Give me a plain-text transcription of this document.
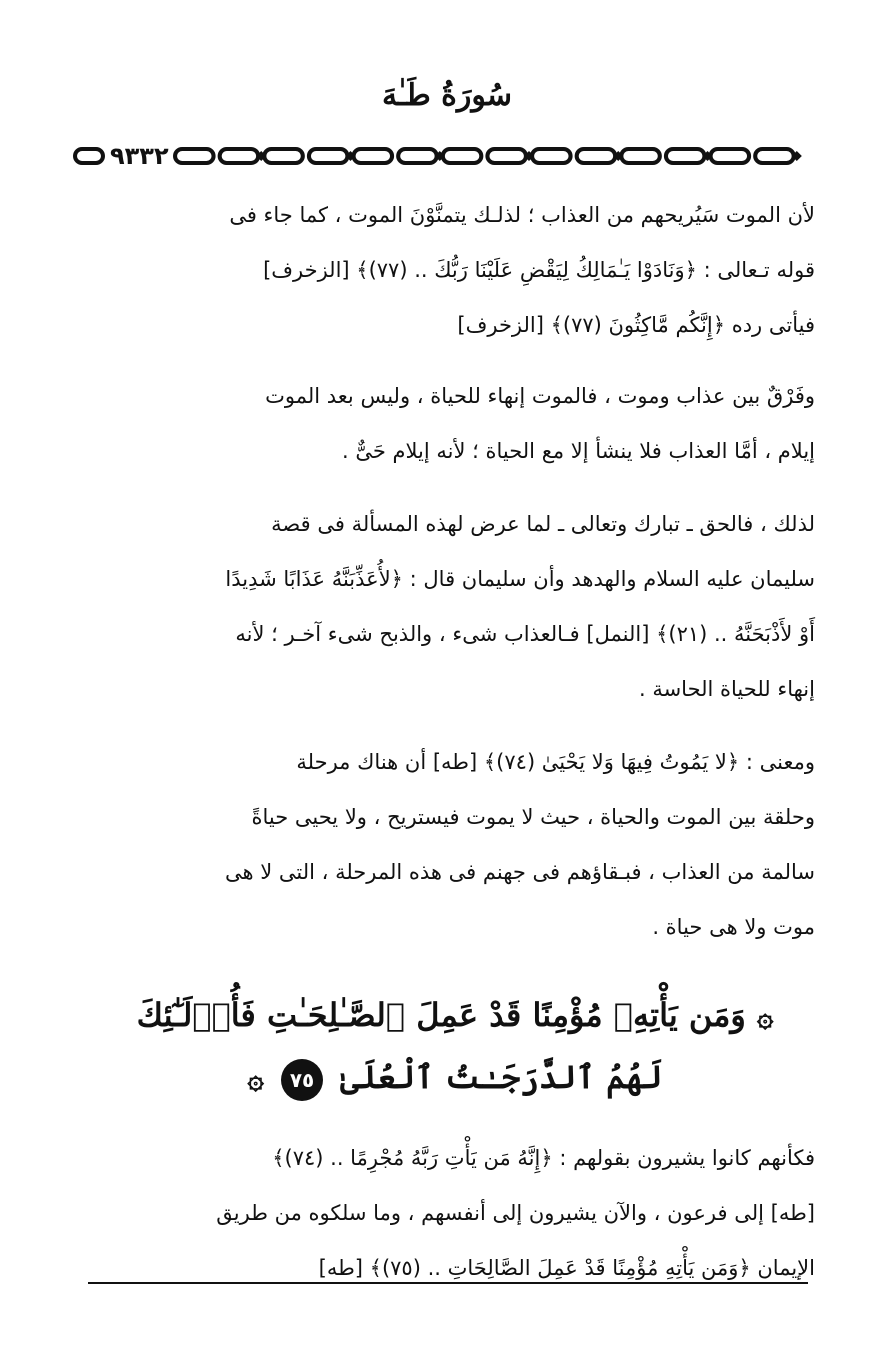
سُورَةُ طَـٰهَ
٩٣٣٢
لأن الموت سَيُريحهم من العذاب ؛ لذلـك يتمنَّوْنَ الموت ، كما جاء فى
قوله تـعالى : ﴿وَنَادَوْا يَـٰمَالِكُ لِيَقْضِ عَلَيْنَا رَبُّكَ .. (٧٧)﴾ [الزخرف]
فيأتى رده ﴿إِنَّكُم مَّاكِثُونَ (٧٧)﴾ [الزخرف]
وفَرْقٌ بين عذاب وموت ، فالموت إنهاء للحياة ، وليس بعد الموت
إيلام ، أمَّا العذاب فلا ينشأ إلا مع الحياة ؛ لأنه إيلام حَىٌّ .
لذلك ، فالحق ـ تبارك وتعالى ـ لما عرض لهذه المسألة فى قصة
سليمان عليه السلام والهدهد وأن سليمان قال : ﴿لأُعَذِّبَنَّهُ عَذَابًا شَدِيدًا
أَوْ لأَذْبَحَنَّهُ .. (٢١)﴾ [النمل] فـالعذاب شىء ، والذبح شىء آخـر ؛ لأنه
إنهاء للحياة الحاسة .
ومعنى : ﴿لا يَمُوتُ فِيهَا وَلا يَحْيَىٰ (٧٤)﴾ [طه] أن هناك مرحلة
وحلقة بين الموت والحياة ، حيث لا يموت فيستريح ، ولا يحيى حياةً
سالمة من العذاب ، فبـقاؤهم فى جهنم فى هذه المرحلة ، التى لا هى
موت ولا هى حياة .
۞ وَمَن يَأْتِهِۦ مُؤْمِنًا قَدْ عَمِلَ ٱلصَّـٰلِحَـٰتِ فَأُو۟لَـٰٓئِكَ
لَهُمُ ٱلدَّرَجَـٰتُ ٱلْعُلَىٰ ٧٥ ۞
فكأنهم كانوا يشيرون بقولهم : ﴿إِنَّهُ مَن يَأْتِ رَبَّهُ مُجْرِمًا .. (٧٤)﴾
[طه] إلى فرعون ، والآن يشيرون إلى أنفسهم ، وما سلكوه من طريق
الإيمان ﴿وَمَن يَأْتِهِ مُؤْمِنًا قَدْ عَمِلَ الصَّالِحَاتِ .. (٧٥)﴾ [طه]
